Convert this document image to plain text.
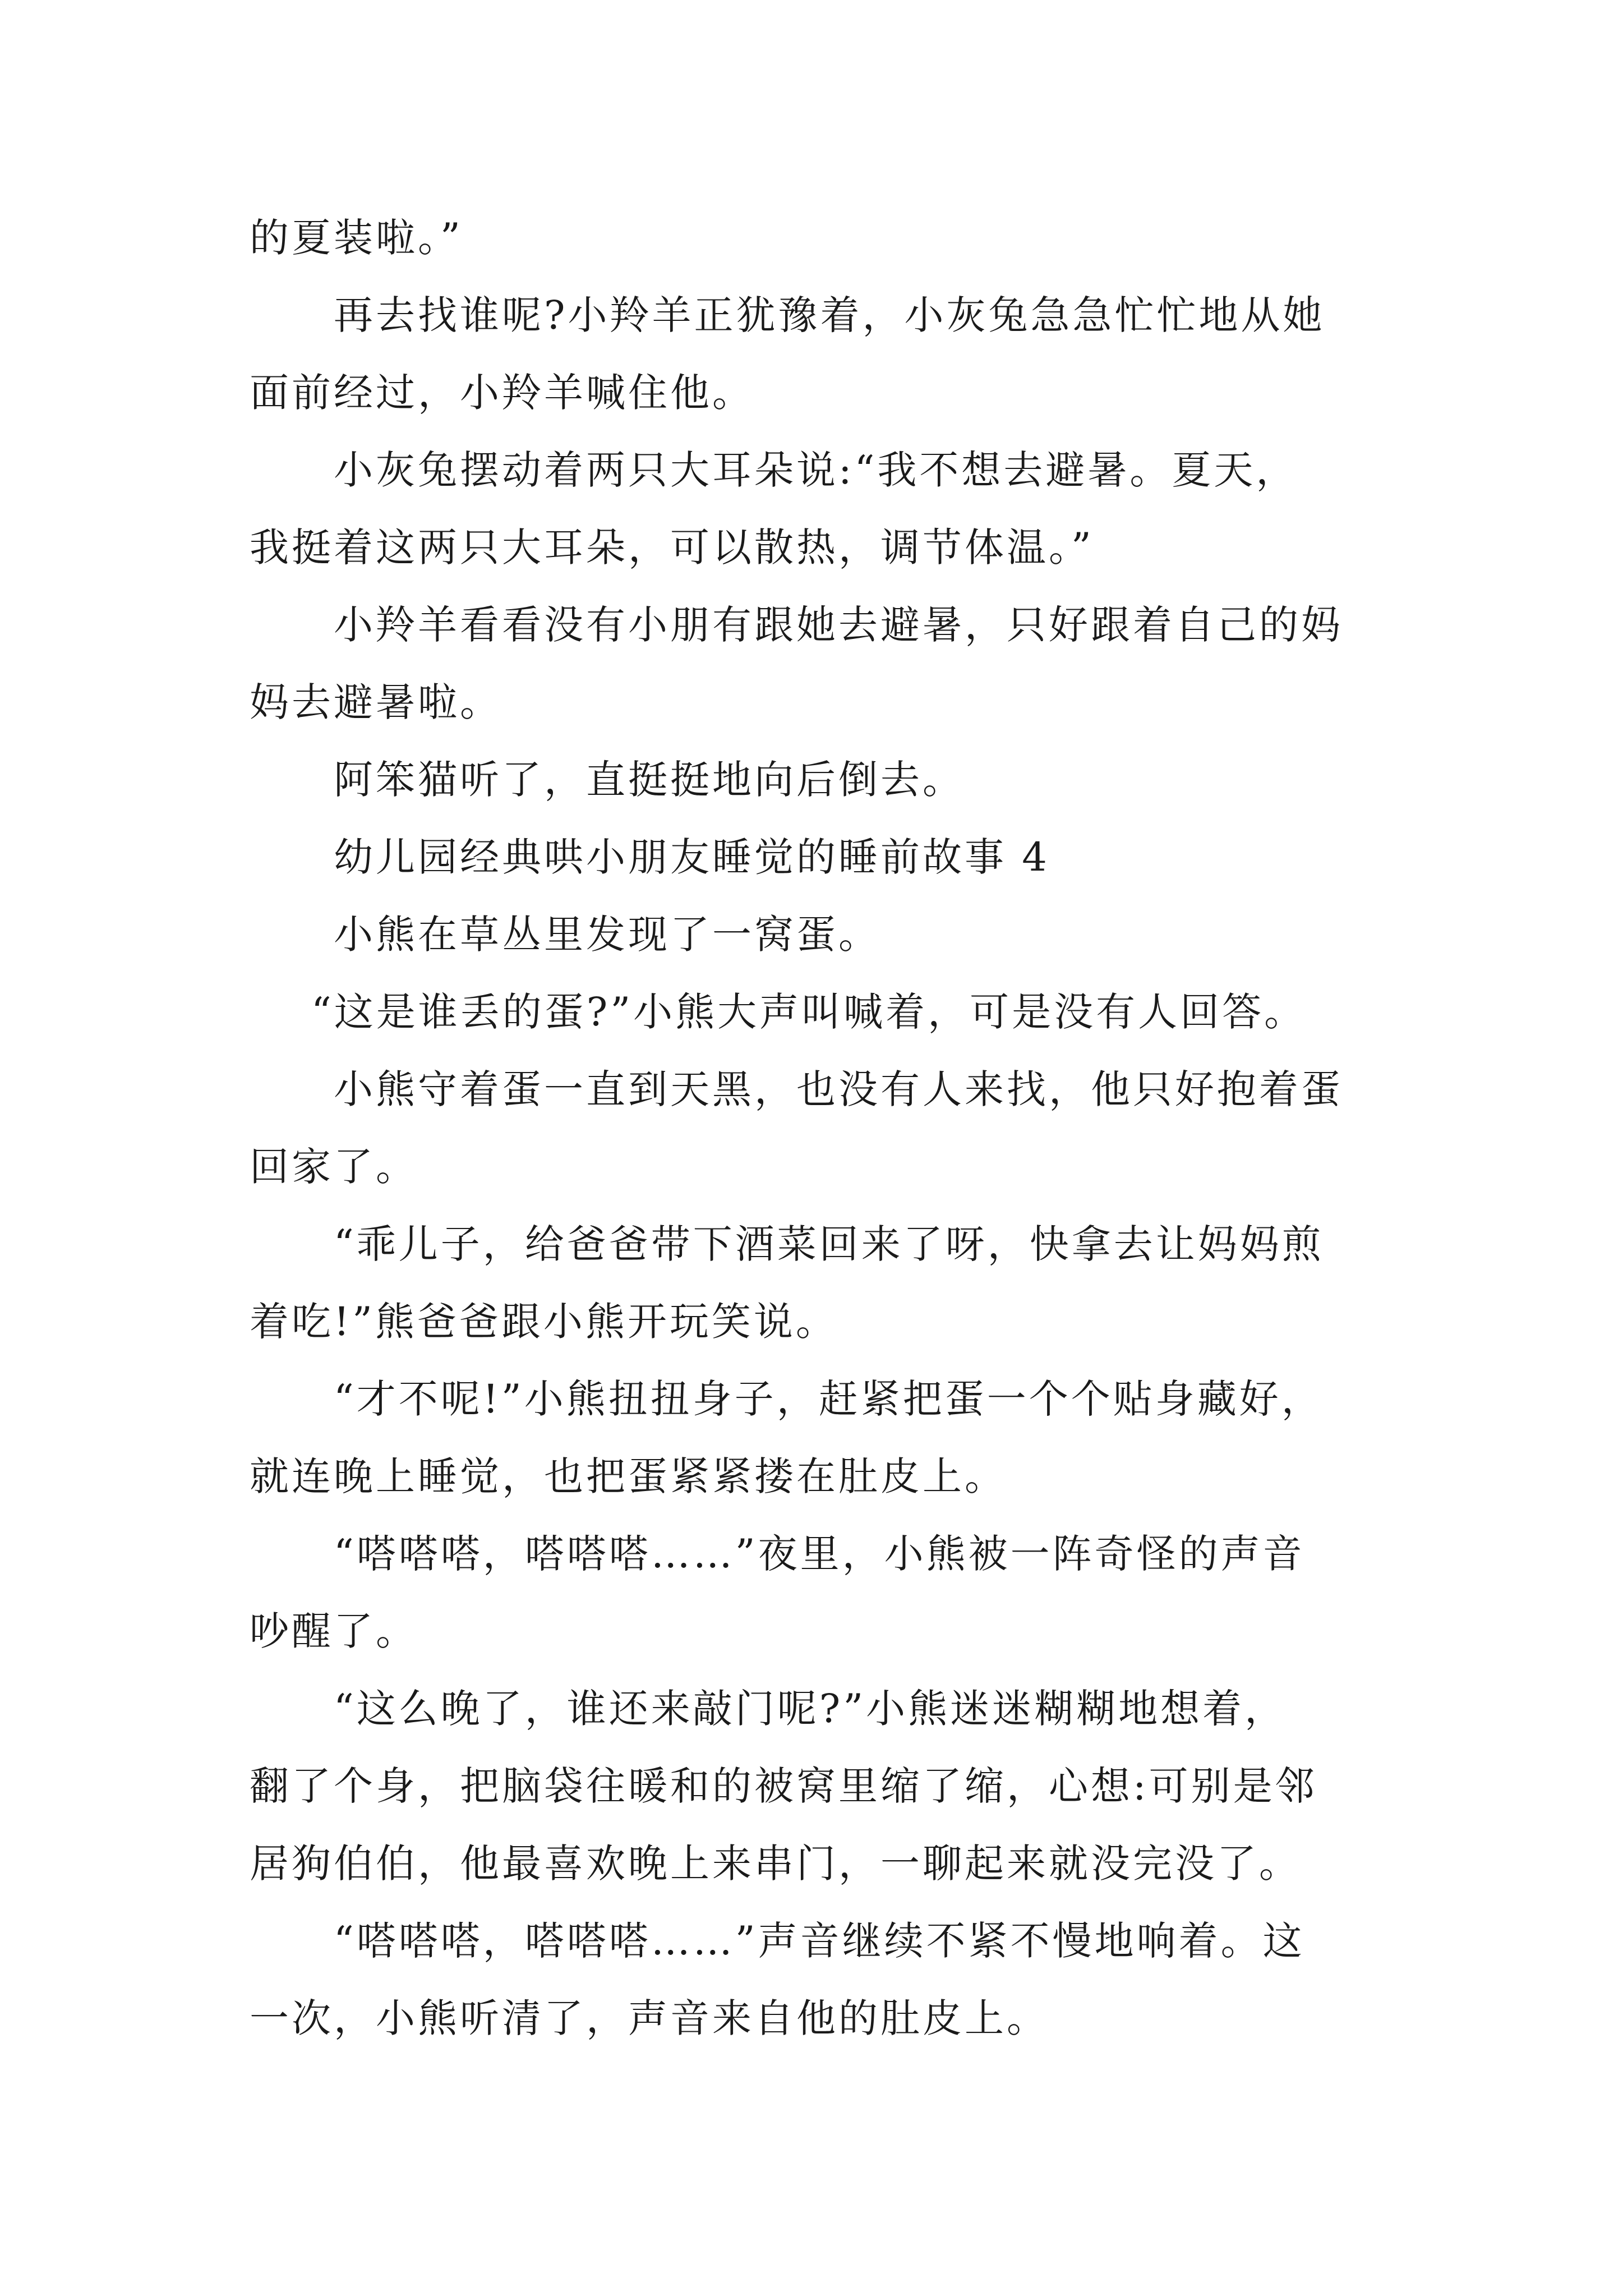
的夏装啦。”
再去找谁呢?小羚羊正犹豫着，小灰兔急急忙忙地从她
面前经过，小羚羊喊住他。
小灰兔摆动着两只大耳朵说:“我不想去避暑。夏天，
我挺着这两只大耳朵，可以散热，调节体温。”
小羚羊看看没有小朋有跟她去避暑，只好跟着自己的妈
妈去避暑啦。
阿笨猫听了，直挺挺地向后倒去。
幼儿园经典哄小朋友睡觉的睡前故事 4
小熊在草丛里发现了一窝蛋。
“这是谁丢的蛋?”小熊大声叫喊着，可是没有人回答。
小熊守着蛋一直到天黑，也没有人来找，他只好抱着蛋
回家了。
“乖儿子，给爸爸带下酒菜回来了呀，快拿去让妈妈煎
着吃!”熊爸爸跟小熊开玩笑说。
“才不呢!”小熊扭扭身子，赶紧把蛋一个个贴身藏好，
就连晚上睡觉，也把蛋紧紧搂在肚皮上。
“嗒嗒嗒，嗒嗒嗒……”夜里，小熊被一阵奇怪的声音
吵醒了。
“这么晚了，谁还来敲门呢?”小熊迷迷糊糊地想着，
翻了个身，把脑袋往暖和的被窝里缩了缩，心想:可别是邻
居狗伯伯，他最喜欢晚上来串门，一聊起来就没完没了。
“嗒嗒嗒，嗒嗒嗒……”声音继续不紧不慢地响着。这
一次，小熊听清了，声音来自他的肚皮上。
